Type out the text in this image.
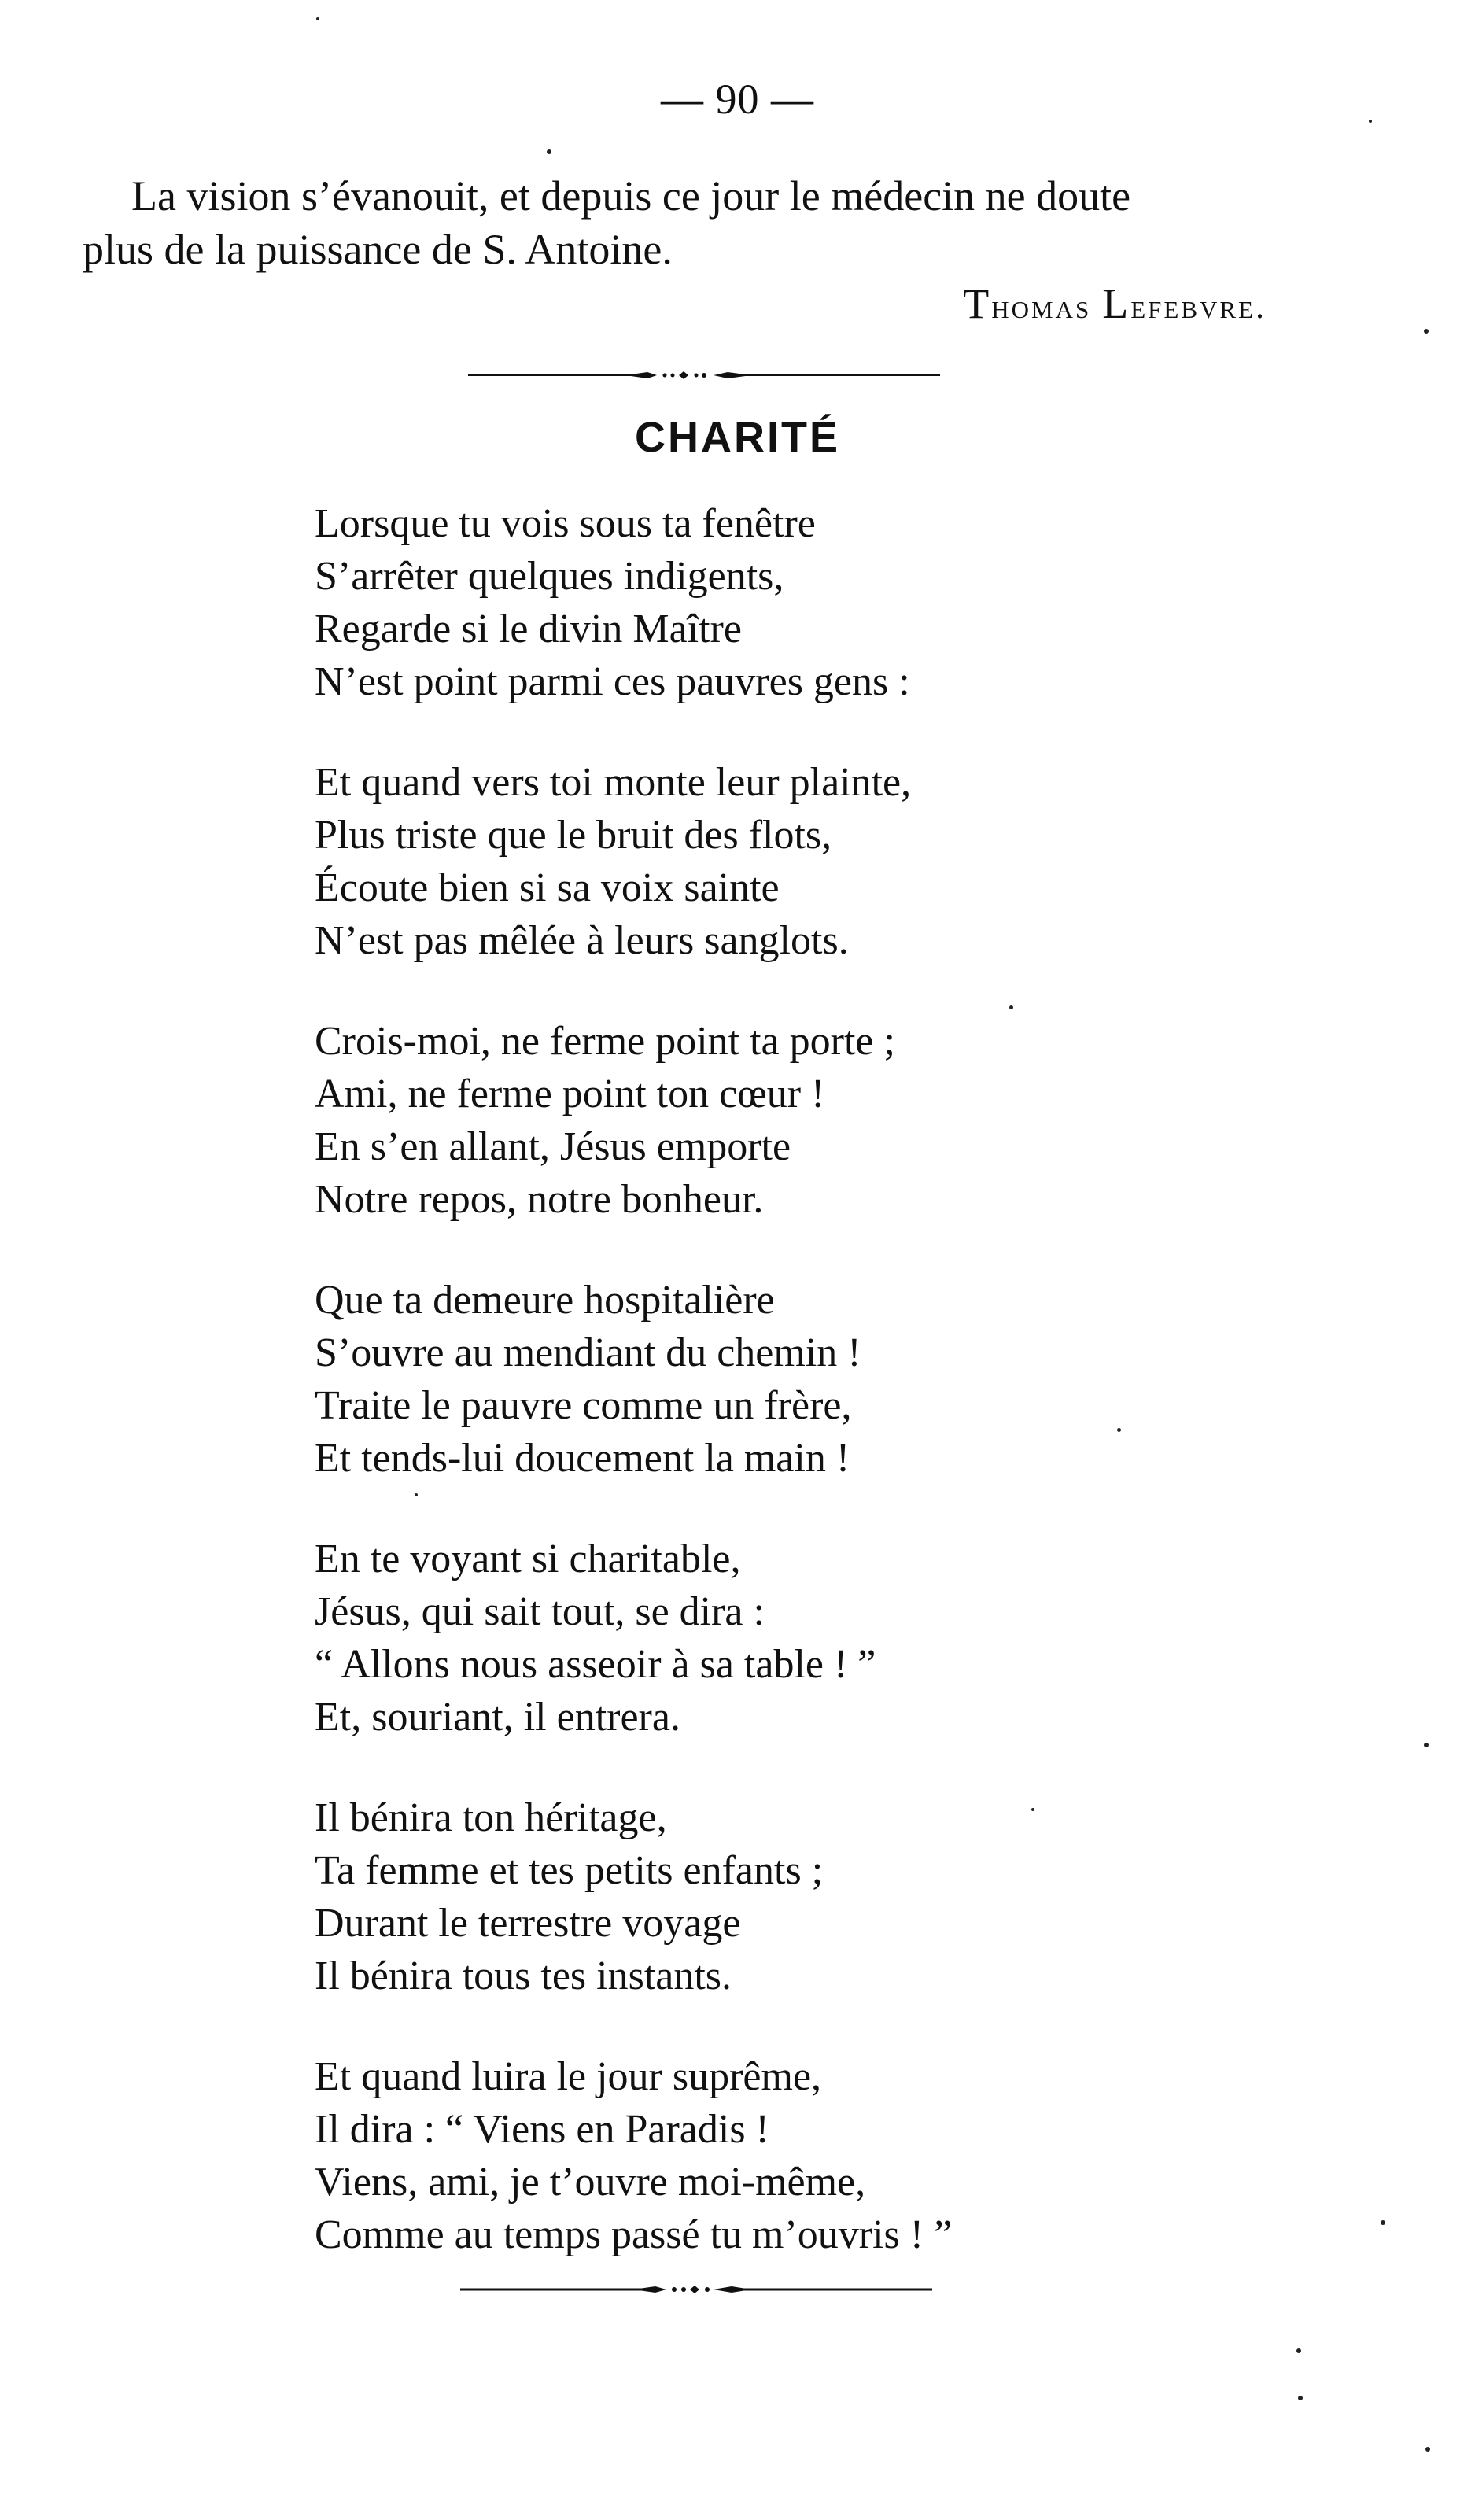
— 90 —
La vision s’évanouit, et depuis ce jour le médecin ne doute
plus de la puissance de S. Antoine.
Thomas Lefebvre.
CHARITÉ
Lorsque tu vois sous ta fenêtre
S’arrêter quelques indigents,
Regarde si le divin Maître
N’est point parmi ces pauvres gens :
Et quand vers toi monte leur plainte,
Plus triste que le bruit des flots,
Écoute bien si sa voix sainte
N’est pas mêlée à leurs sanglots.
Crois-moi, ne ferme point ta porte ;
Ami, ne ferme point ton cœur !
En s’en allant, Jésus emporte
Notre repos, notre bonheur.
Que ta demeure hospitalière
S’ouvre au mendiant du chemin !
Traite le pauvre comme un frère,
Et tends-lui doucement la main !
En te voyant si charitable,
Jésus, qui sait tout, se dira :
“ Allons nous asseoir à sa table ! ”
Et, souriant, il entrera.
Il bénira ton héritage,
Ta femme et tes petits enfants ;
Durant le terrestre voyage
Il bénira tous tes instants.
Et quand luira le jour suprême,
Il dira : “ Viens en Paradis !
Viens, ami, je t’ouvre moi-même,
Comme au temps passé tu m’ouvris ! ”
